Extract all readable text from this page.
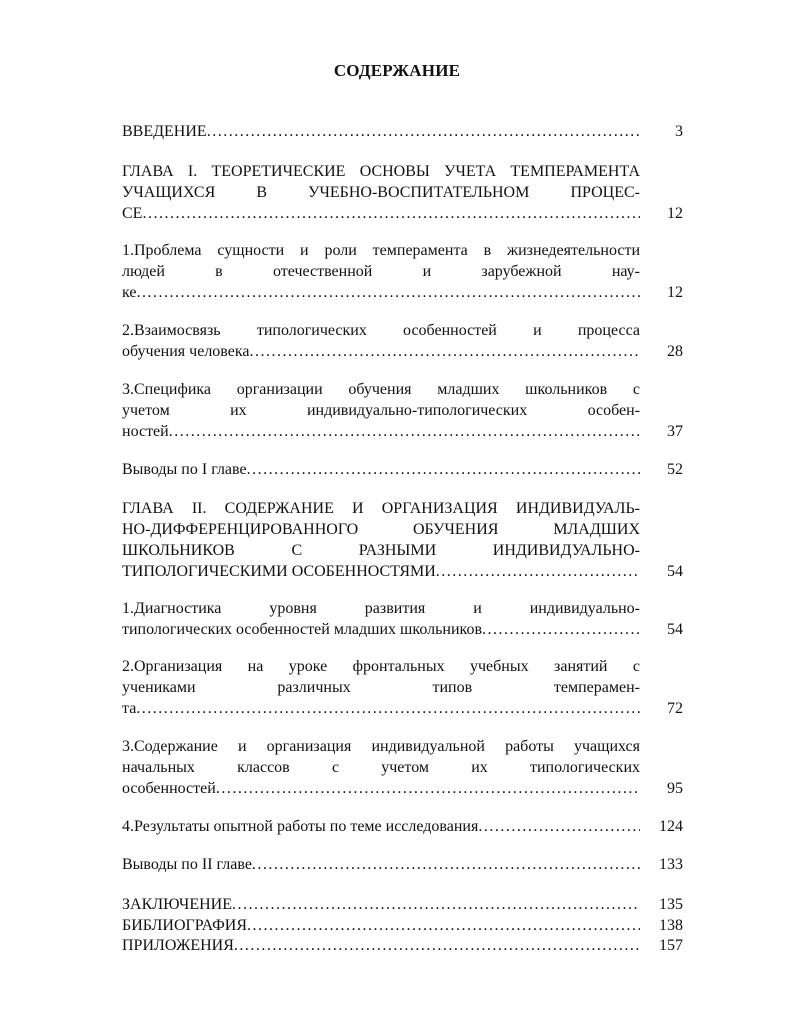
СОДЕРЖАНИЕ
ВВЕДЕНИЕ .....	3
ГЛАВА I. ТЕОРЕТИЧЕСКИЕ ОСНОВЫ УЧЕТА ТЕМПЕРАМЕНТА
УЧАЩИХСЯ В УЧЕБНО-ВОСПИТАТЕЛЬНОМ ПРОЦЕС-
СЕ .....	12
1.Проблема сущности и роли темперамента в жизнедеятельности
людей в отечественной и зарубежной нау-
ке .....	12
2.Взаимосвязь типологических особенностей и процесса
обучения человека .....	28
3.Специфика организации обучения младших школьников с
учетом их индивидуально-типологических особен-
ностей .....	37
Выводы по I главе .....	52
ГЛАВА II. СОДЕРЖАНИЕ И ОРГАНИЗАЦИЯ ИНДИВИДУАЛЬ-
НО-ДИФФЕРЕНЦИРОВАННОГО ОБУЧЕНИЯ МЛАДШИХ
ШКОЛЬНИКОВ С РАЗНЫМИ ИНДИВИДУАЛЬНО-
ТИПОЛОГИЧЕСКИМИ ОСОБЕННОСТЯМИ .....	54
1.Диагностика уровня развития и индивидуально-
типологических особенностей младших школьников .....	54
2.Организация на уроке фронтальных учебных занятий с
учениками различных типов темперамен-
та .....	72
3.Содержание и организация индивидуальной работы учащихся
начальных классов с учетом их типологических
особенностей .....	95
4.Результаты опытной работы по теме исследования .....	124
Выводы по II главе .....	133
ЗАКЛЮЧЕНИЕ .....	135
БИБЛИОГРАФИЯ .....	138
ПРИЛОЖЕНИЯ .....	157
